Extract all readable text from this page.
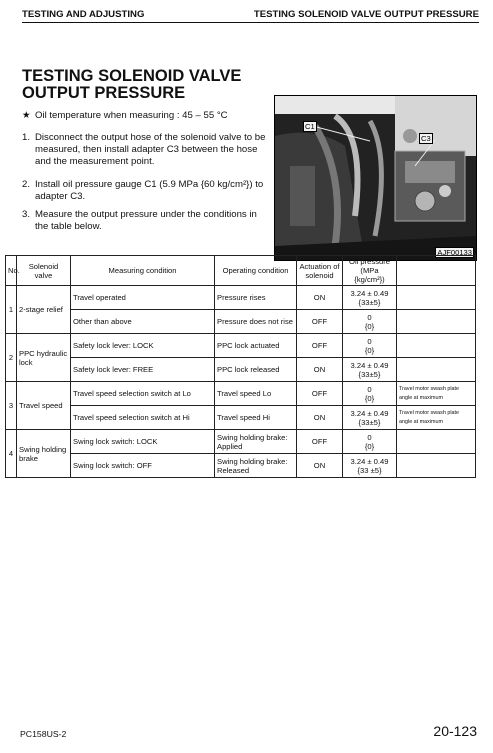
TESTING AND ADJUSTING	TESTING SOLENOID VALVE OUTPUT PRESSURE
TESTING SOLENOID VALVE OUTPUT PRESSURE
★ Oil temperature when measuring : 45 – 55 °C
1. Disconnect the output hose of the solenoid valve to be measured, then install adapter C3 between the hose and the measurement point.
2. Install oil pressure gauge C1 (5.9 MPa {60 kg/cm²}) to adapter C3.
3. Measure the output pressure under the conditions in the table below.
C1
C3
AJF00133
No.	Solenoid valve	Measuring condition	Operating condition	Actuation of solenoid	Oil pressure (MPa {kg/cm²})	
1	2-stage relief	Travel operated	Pressure rises	ON	3.24 ± 0.49
{33±5}	

		Other than above	Pressure does not rise	OFF	0
{0}	

2	PPC hydraulic lock	Safety lock lever: LOCK	PPC lock actuated	OFF	0
{0}	

		Safety lock lever: FREE	PPC lock released	ON	3.24 ± 0.49
{33±5}	

3	Travel speed	Travel speed selection switch at Lo	Travel speed Lo	OFF	0
{0}	Travel motor swash plate angle at maximum
		Travel speed selection switch at Hi	Travel speed Hi	ON	3.24 ± 0.49
{33±5}	Travel motor swash plate angle at maximum
4	Swing holding brake	Swing lock switch: LOCK	Swing holding brake: Applied	OFF	0
{0}	

		Swing lock switch: OFF	Swing holding brake: Released	ON	3.24 ± 0.49
{33 ±5}	

PC158US-2	20-123
